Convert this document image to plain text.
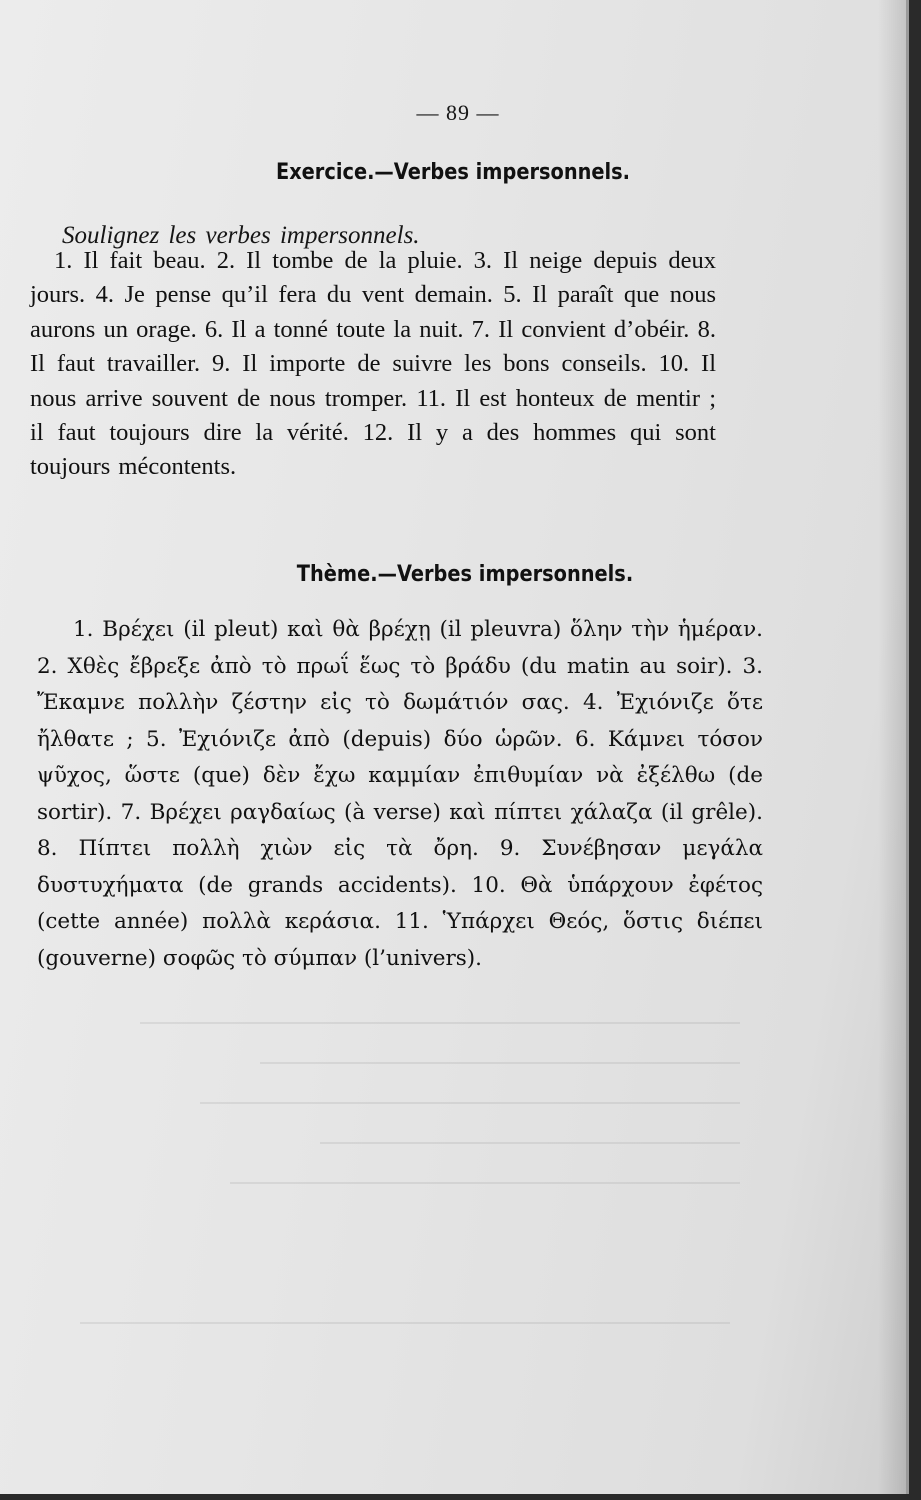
— 89 —
Exercice.—Verbes impersonnels.
Soulignez les verbes impersonnels.
1. Il fait beau. 2. Il tombe de la pluie. 3. Il neige depuis deux jours. 4. Je pense qu’il fera du vent demain. 5. Il paraît que nous aurons un orage. 6. Il a tonné toute la nuit. 7. Il convient d’obéir. 8. Il faut travailler. 9. Il importe de suivre les bons conseils. 10. Il nous arrive souvent de nous tromper. 11. Il est honteux de mentir ; il faut toujours dire la vérité. 12. Il y a des hommes qui sont toujours mécontents.
Thème.—Verbes impersonnels.
1. Βρέχει (il pleut) καὶ θὰ βρέχῃ (il pleuvra) ὅλην τὴν ἡμέραν. 2. Χθὲς ἔβρεξε ἀπὸ τὸ πρωΐ ἕως τὸ βράδυ (du matin au soir). 3. Ἔκαμνε πολλὴν ζέστην εἰς τὸ δωμάτιόν σας. 4. Ἐχιόνιζε ὅτε ἤλθατε ; 5. Ἐχιόνιζε ἀπὸ (depuis) δύο ὡρῶν. 6. Κάμνει τόσον ψῦχος, ὥστε (que) δὲν ἔχω καμμίαν ἐπιθυμίαν νὰ ἐξέλθω (de sortir). 7. Βρέχει ραγδαίως (à verse) καὶ πίπτει χάλαζα (il grêle). 8. Πίπτει πολλὴ χιὼν εἰς τὰ ὄρη. 9. Συνέβησαν μεγάλα δυστυχήματα (de grands accidents). 10. Θὰ ὑπάρχουν ἐφέτος (cette année) πολλὰ κεράσια. 11. Ὑπάρχει Θεός, ὅστις διέπει (gouverne) σοφῶς τὸ σύμπαν (l’univers).
